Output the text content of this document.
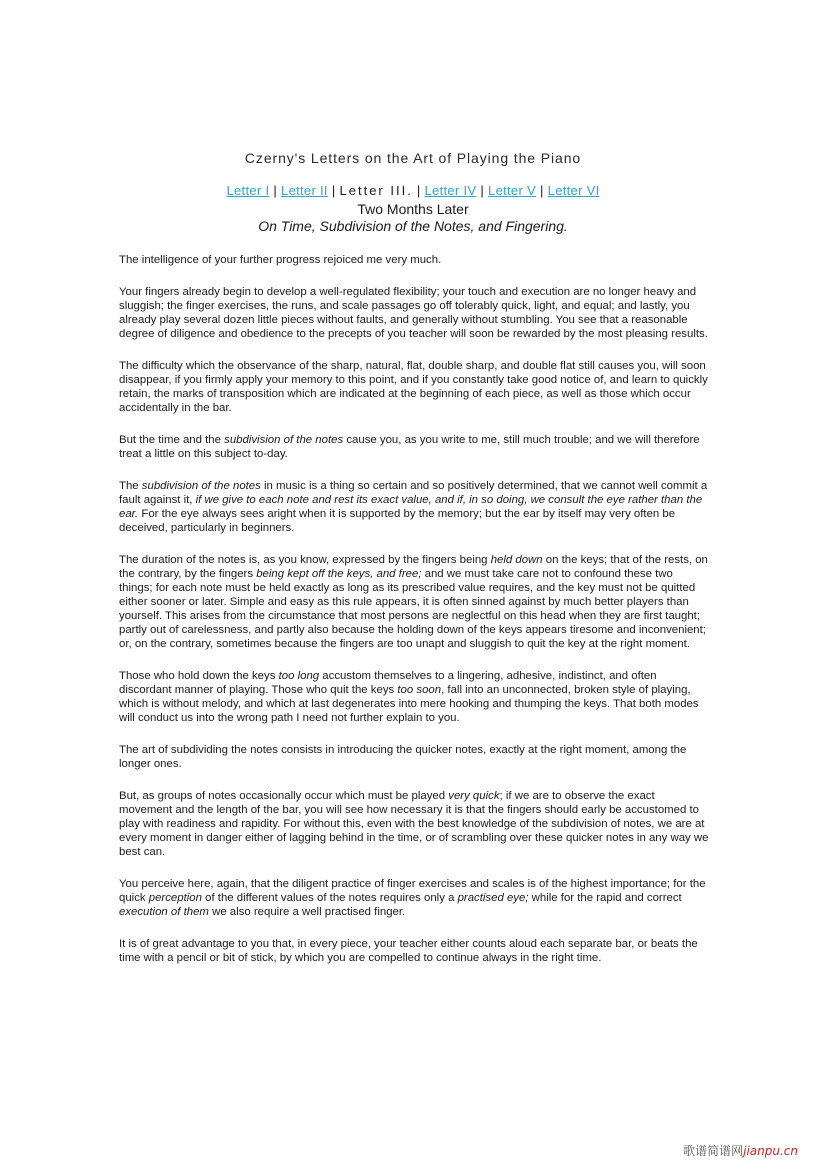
Czerny's Letters on the Art of Playing the Piano
Letter I | Letter II | Letter III. | Letter IV | Letter V | Letter VI
Two Months Later
On Time, Subdivision of the Notes, and Fingering.

The intelligence of your further progress rejoiced me very much.

Your fingers already begin to develop a well-regulated flexibility; your touch and execution are no longer heavy and sluggish; the finger exercises, the runs, and scale passages go off tolerably quick, light, and equal; and lastly, you already play several dozen little pieces without faults, and generally without stumbling. You see that a reasonable degree of diligence and obedience to the precepts of you teacher will soon be rewarded by the most pleasing results.

The difficulty which the observance of the sharp, natural, flat, double sharp, and double flat still causes you, will soon disappear, if you firmly apply your memory to this point, and if you constantly take good notice of, and learn to quickly retain, the marks of transposition which are indicated at the beginning of each piece, as well as those which occur accidentally in the bar.

But the time and the subdivision of the notes cause you, as you write to me, still much trouble; and we will therefore treat a little on this subject to-day.

The subdivision of the notes in music is a thing so certain and so positively determined, that we cannot well commit a fault against it, if we give to each note and rest its exact value, and if, in so doing, we consult the eye rather than the ear. For the eye always sees aright when it is supported by the memory; but the ear by itself may very often be deceived, particularly in beginners.

The duration of the notes is, as you know, expressed by the fingers being held down on the keys; that of the rests, on the contrary, by the fingers being kept off the keys, and free; and we must take care not to confound these two things; for each note must be held exactly as long as its prescribed value requires, and the key must not be quitted either sooner or later. Simple and easy as this rule appears, it is often sinned against by much better players than yourself. This arises from the circumstance that most persons are neglectful on this head when they are first taught; partly out of carelessness, and partly also because the holding down of the keys appears tiresome and inconvenient; or, on the contrary, sometimes because the fingers are too unapt and sluggish to quit the key at the right moment.

Those who hold down the keys too long accustom themselves to a lingering, adhesive, indistinct, and often discordant manner of playing. Those who quit the keys too soon, fall into an unconnected, broken style of playing, which is without melody, and which at last degenerates into mere hooking and thumping the keys. That both modes will conduct us into the wrong path I need not further explain to you.

The art of subdividing the notes consists in introducing the quicker notes, exactly at the right moment, among the longer ones.

But, as groups of notes occasionally occur which must be played very quick; if we are to observe the exact movement and the length of the bar, you will see how necessary it is that the fingers should early be accustomed to play with readiness and rapidity. For without this, even with the best knowledge of the subdivision of notes, we are at every moment in danger either of lagging behind in the time, or of scrambling over these quicker notes in any way we best can.

You perceive here, again, that the diligent practice of finger exercises and scales is of the highest importance; for the quick perception of the different values of the notes requires only a practised eye; while for the rapid and correct execution of them we also require a well practised finger.

It is of great advantage to you that, in every piece, your teacher either counts aloud each separate bar, or beats the time with a pencil or bit of stick, by which you are compelled to continue always in the right time.

歌谱简谱网jianpu.cn
